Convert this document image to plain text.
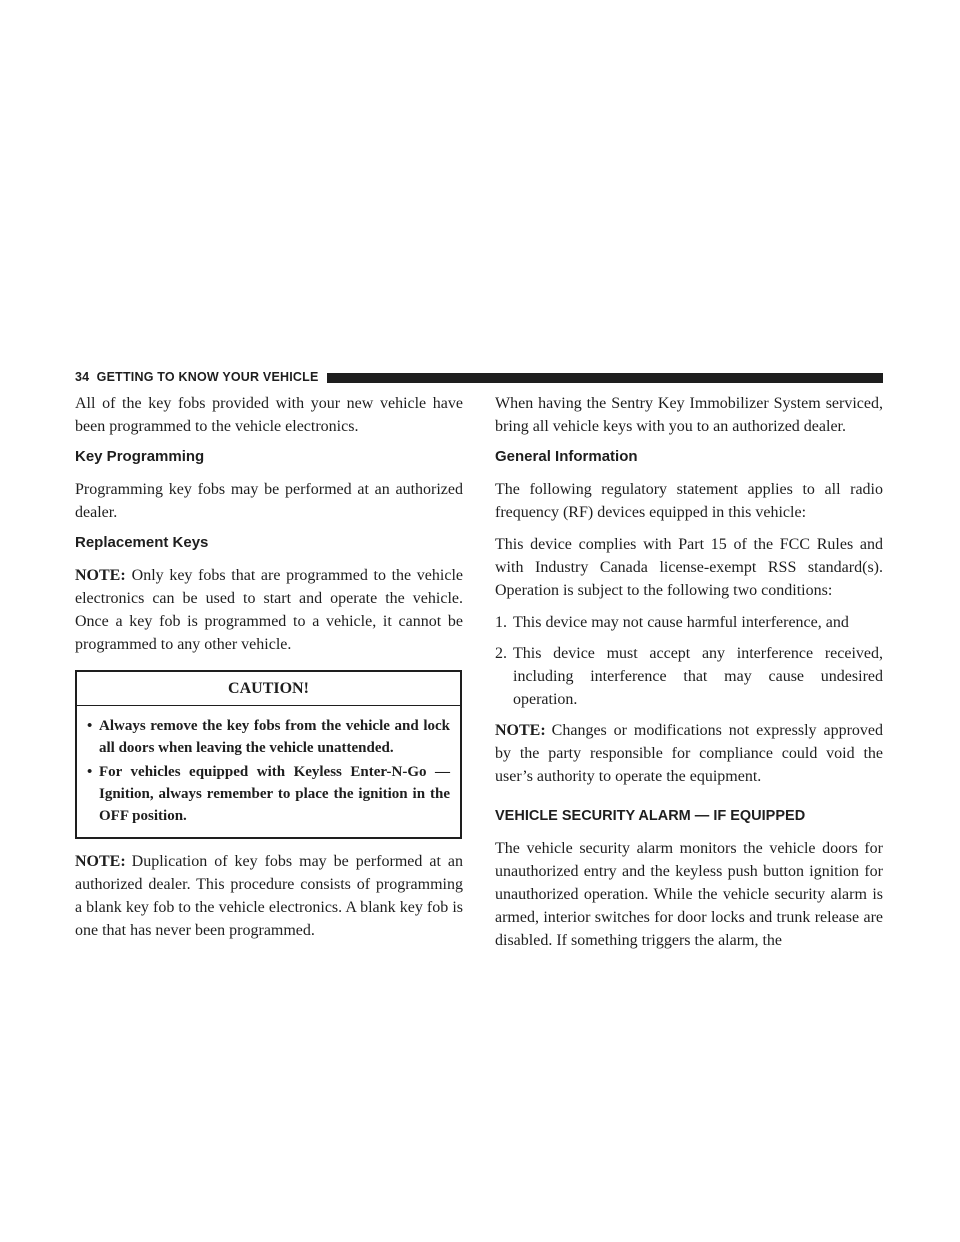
34 GETTING TO KNOW YOUR VEHICLE

All of the key fobs provided with your new vehicle have been programmed to the vehicle electronics.

Key Programming

Programming key fobs may be performed at an authorized dealer.

Replacement Keys

NOTE: Only key fobs that are programmed to the vehicle electronics can be used to start and operate the vehicle. Once a key fob is programmed to a vehicle, it cannot be programmed to any other vehicle.

CAUTION!
• Always remove the key fobs from the vehicle and lock all doors when leaving the vehicle unattended.
• For vehicles equipped with Keyless Enter-N-Go — Ignition, always remember to place the ignition in the OFF position.

NOTE: Duplication of key fobs may be performed at an authorized dealer. This procedure consists of programming a blank key fob to the vehicle electronics. A blank key fob is one that has never been programmed.

When having the Sentry Key Immobilizer System serviced, bring all vehicle keys with you to an authorized dealer.

General Information

The following regulatory statement applies to all radio frequency (RF) devices equipped in this vehicle:

This device complies with Part 15 of the FCC Rules and with Industry Canada license-exempt RSS standard(s). Operation is subject to the following two conditions:

1. This device may not cause harmful interference, and
2. This device must accept any interference received, including interference that may cause undesired operation.

NOTE: Changes or modifications not expressly approved by the party responsible for compliance could void the user’s authority to operate the equipment.

VEHICLE SECURITY ALARM — IF EQUIPPED

The vehicle security alarm monitors the vehicle doors for unauthorized entry and the keyless push button ignition for unauthorized operation. While the vehicle security alarm is armed, interior switches for door locks and trunk release are disabled. If something triggers the alarm, the
